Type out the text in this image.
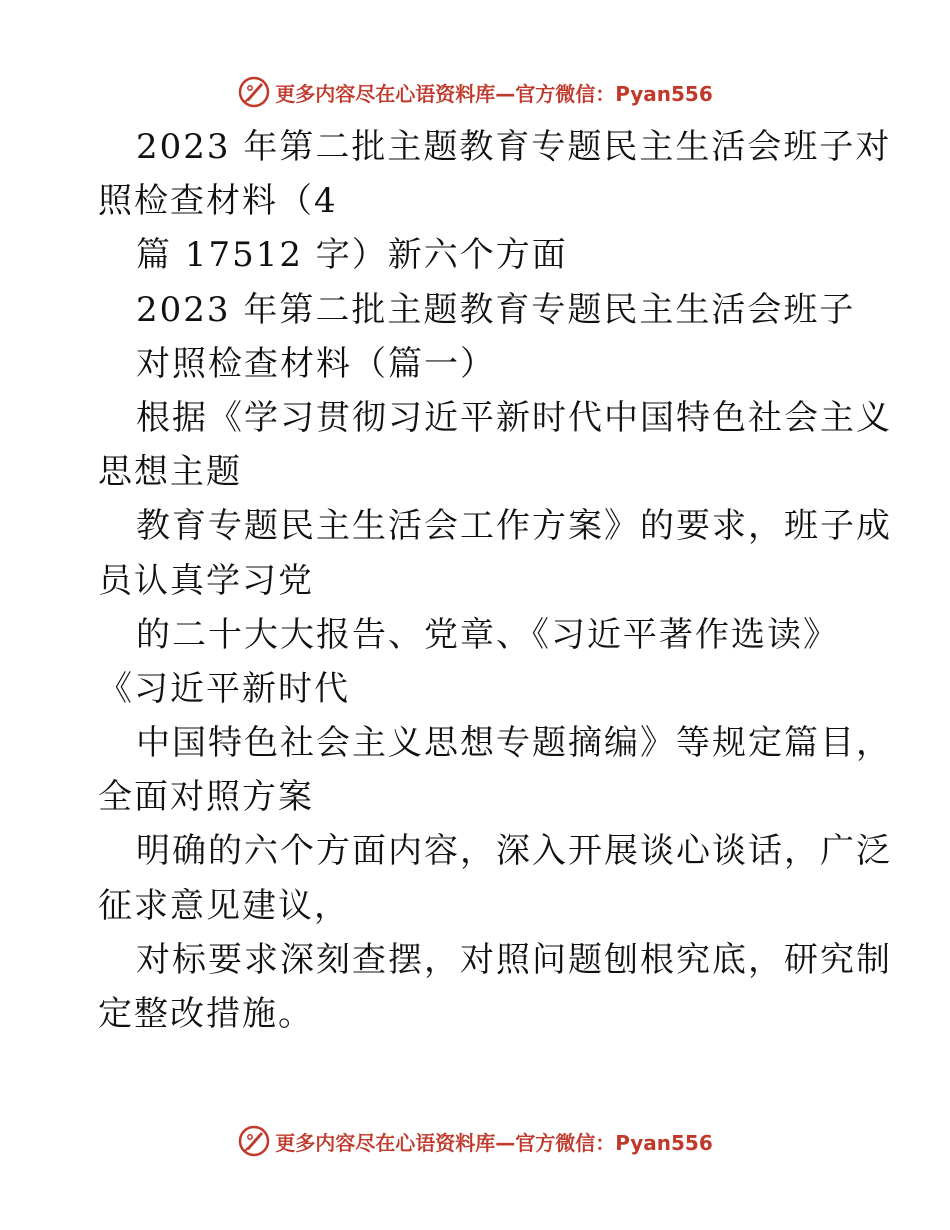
更多内容尽在心语资料库—官方微信：Pyan556
2023 年第二批主题教育专题民主生活会班子对
照检查材料（4
篇 17512 字）新六个方面
2023 年第二批主题教育专题民主生活会班子
对照检查材料（篇一）
根据《学习贯彻习近平新时代中国特色社会主义
思想主题
教育专题民主生活会工作方案》的要求，班子成
员认真学习党
的二十大大报告、党章、《习近平著作选读》
《习近平新时代
中国特色社会主义思想专题摘编》等规定篇目，
全面对照方案
明确的六个方面内容，深入开展谈心谈话，广泛
征求意见建议，
对标要求深刻查摆，对照问题刨根究底，研究制
定整改措施。
更多内容尽在心语资料库—官方微信：Pyan556
